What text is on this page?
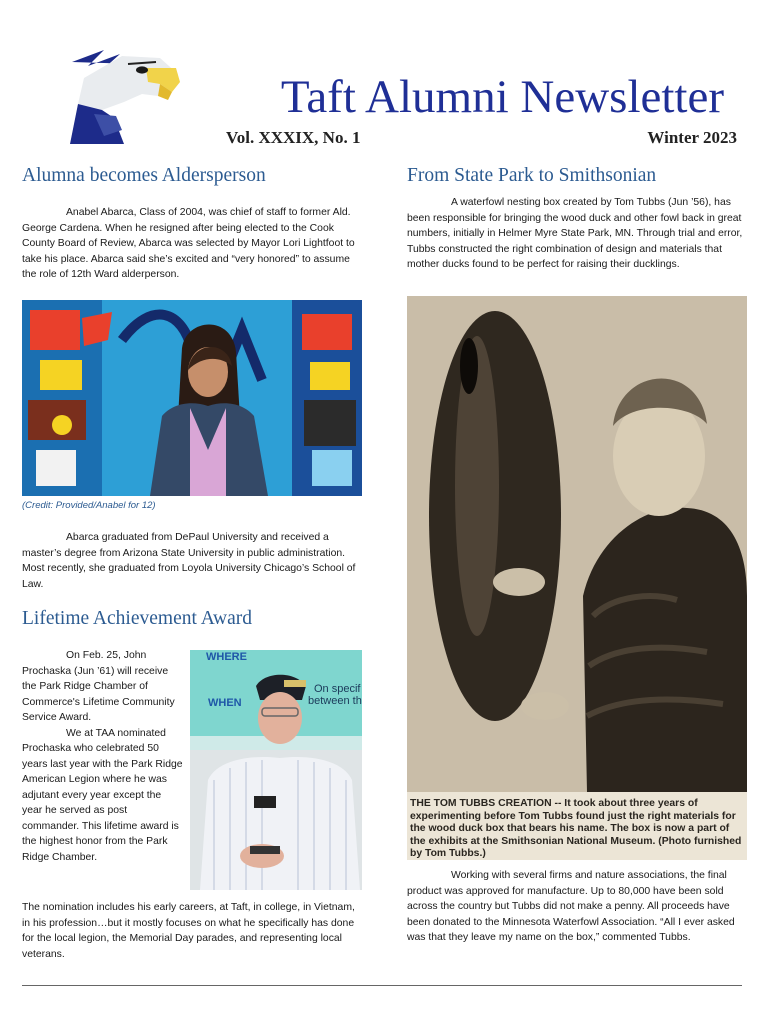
Taft Alumni Newsletter
Vol. XXXIX, No. 1	Winter 2023
Alumna becomes Aldersperson

Anabel Abarca, Class of 2004, was chief of staff to former Ald. George Cardena. When he resigned after being elected to the Cook County Board of Review, Abarca was selected by Mayor Lori Lightfoot to take his place. Abarca said she’s excited and “very honored” to assume the role of 12th Ward alderperson.

(Credit: Provided/Anabel for 12)

Abarca graduated from DePaul University and received a master’s degree from Arizona State University in public administration. Most recently, she graduated from Loyola University Chicago’s School of Law.

Lifetime Achievement Award

On Feb. 25, John Prochaska (Jun ’61) will receive the Park Ridge Chamber of Commerce's Lifetime Community Service Award.

We at TAA nominated Prochaska who celebrated 50 years last year with the Park Ridge American Legion where he was adjutant every year except the year he served as post commander. This lifetime award is the highest honor from the Park Ridge Chamber.

WHERE
WHEN
On specif
between th

The nomination includes his early careers, at Taft, in college, in Vietnam, in his profession…but it mostly focuses on what he specifically has done for the local legion, the Memorial Day parades, and representing local veterans.

From State Park to Smithsonian

A waterfowl nesting box created by Tom Tubbs (Jun ’56), has been responsible for bringing the wood duck and other fowl back in great numbers, initially in Helmer Myre State Park, MN. Through trial and error, Tubbs constructed the right combination of design and materials that mother ducks found to be perfect for raising their ducklings.

THE TOM TUBBS CREATION -- It took about three years of experimenting before Tom Tubbs found just the right materials for the wood duck box that bears his name. The box is now a part of the exhibits at the Smithsonian National Museum. (Photo furnished by Tom Tubbs.)

Working with several firms and nature associations, the final product was approved for manufacture. Up to 80,000 have been sold across the country but Tubbs did not make a penny. All proceeds have been donated to the Minnesota Waterfowl Association. “All I ever asked was that they leave my name on the box,” commented Tubbs.
